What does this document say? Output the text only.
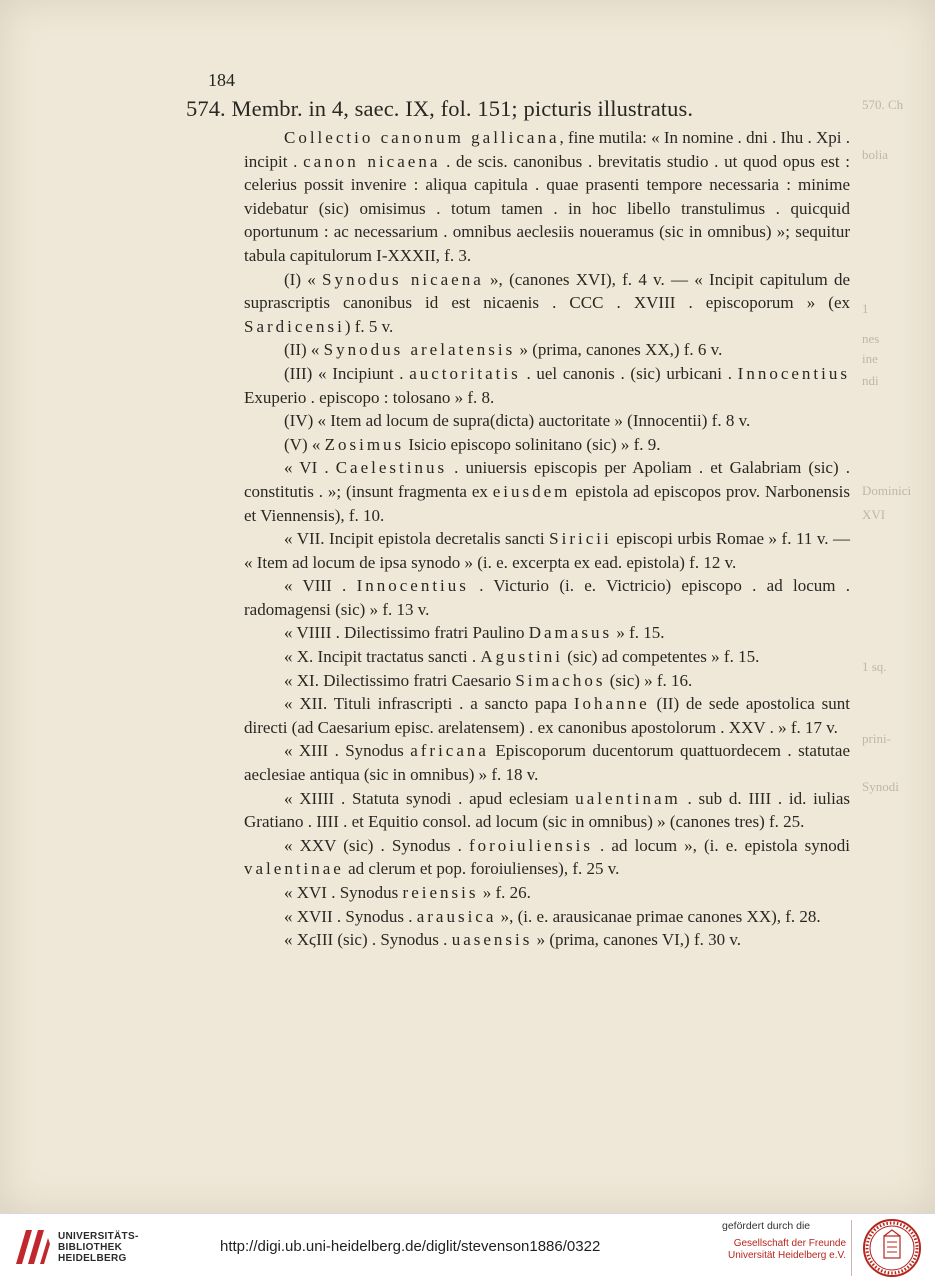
184
570. Ch
bolia
1
nes
ine
ndi
Dominici
XVI
1 sq.
prini-
Synodi
574. Membr. in 4, saec. IX, fol. 151; picturis illustratus.

Collectio canonum gallicana, fine mutila: « In nomine . dni . Ihu . Xpi . incipit . canon nicaena . de scis. canonibus . brevitatis studio . ut quod opus est : celerius possit invenire : aliqua capitula . quae prasenti tempore necessaria : minime videbatur (sic) omisimus . totum tamen . in hoc libello transtulimus . quicquid oportunum : ac necessarium . omnibus aeclesiis noueramus (sic in omnibus) »; sequitur tabula capitulorum I-XXXII, f. 3.

(I) « Synodus nicaena », (canones XVI), f. 4 v. — « Incipit capitulum de suprascriptis canonibus id est nicaenis . CCC . XVIII . episcoporum » (ex Sardicensi) f. 5 v.

(II) « Synodus arelatensis » (prima, canones XX,) f. 6 v.

(III) « Incipiunt . auctoritatis . uel canonis . (sic) urbicani . Innocentius Exuperio . episcopo : tolosano » f. 8.

(IV) « Item ad locum de supra(dicta) auctoritate » (Innocentii) f. 8 v.

(V) « Zosimus Isicio episcopo solinitano (sic) » f. 9.

« VI . Caelestinus . uniuersis episcopis per Apoliam . et Galabriam (sic) . constitutis . »; (insunt fragmenta ex eiusdem epistola ad episcopos prov. Narbonensis et Viennensis), f. 10.

« VII. Incipit epistola decretalis sancti Siricii episcopi urbis Romae » f. 11 v. — « Item ad locum de ipsa synodo » (i. e. excerpta ex ead. epistola) f. 12 v.

« VIII . Innocentius . Victurio (i. e. Victricio) episcopo . ad locum . radomagensi (sic) » f. 13 v.

« VIIII . Dilectissimo fratri Paulino Damasus » f. 15.

« X. Incipit tractatus sancti . Agustini (sic) ad competentes » f. 15.

« XI. Dilectissimo fratri Caesario Simachos (sic) » f. 16.

« XII. Tituli infrascripti . a sancto papa Iohanne (II) de sede apostolica sunt directi (ad Caesarium episc. arelatensem) . ex canonibus apostolorum . XXV . » f. 17 v.

« XIII . Synodus africana Episcoporum ducentorum quattuordecem . statutae aeclesiae antiqua (sic in omnibus) » f. 18 v.

« XIIII . Statuta synodi . apud eclesiam ualentinam . sub d. IIII . id. iulias Gratiano . IIII . et Equitio consol. ad locum (sic in omnibus) » (canones tres) f. 25.

« XXV (sic) . Synodus . foroiuliensis . ad locum », (i. e. epistola synodi valentinae ad clerum et pop. foroiulienses), f. 25 v.

« XVI . Synodus reiensis » f. 26.

« XVII . Synodus . arausica », (i. e. arausicanae primae canones XX), f. 28.

« XϛIII (sic) . Synodus . uasensis » (prima, canones VI,) f. 30 v.

UNIVERSITÄTS-
BIBLIOTHEK
HEIDELBERG
http://digi.ub.uni-heidelberg.de/diglit/stevenson1886/0322
gefördert durch die
Gesellschaft der Freunde
Universität Heidelberg e.V.
